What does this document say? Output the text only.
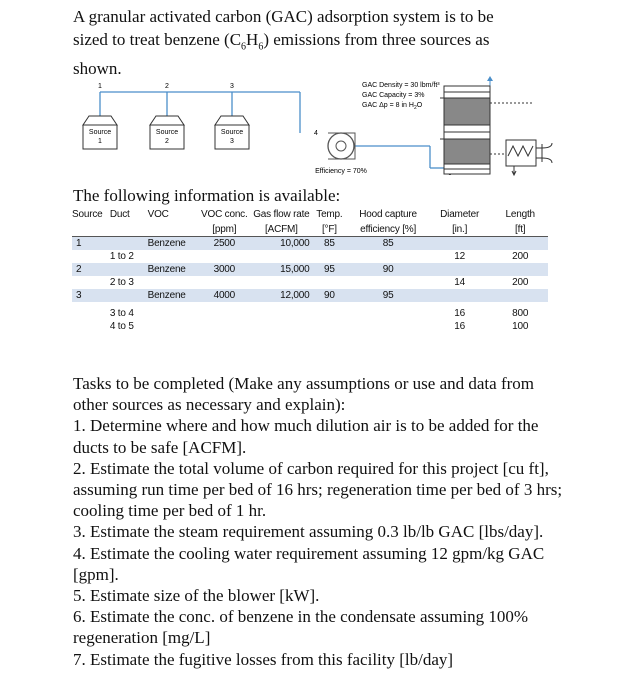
A granular activated carbon (GAC) adsorption system is to be
sized to treat benzene $(C_6H_6)$ emissions from three sources as
shown.
1	2	3
4
Source
1
Source
2
Source
3
Efficiency = 70%
GAC Density = 30 lbm/ft³
GAC Capacity = 3%
GAC Δp = 8 in $H_2O$
The following information is available:
Source	Duct	VOC	VOC conc.	Gas flow rate	Temp.	Hood capture	Diameter	Length
			[ppm]	[ACFM]	[°F]	efficiency [%]	[in.]	[ft]
1		Benzene	2500	10,000	85	85		
	1 to 2						12	200
2		Benzene	3000	15,000	95	90		
	2 to 3						14	200
3		Benzene	4000	12,000	90	95		

	3 to 4						16	800
	4 to 5						16	100

Tasks to be completed (Make any assumptions or use and data from other sources as necessary and explain):

1. Determine where and how much dilution air is to be added for the ducts to be safe [ACFM].

2. Estimate the total volume of carbon required for this project [cu ft], assuming run time per bed of 16 hrs; regeneration time per bed of 3 hrs; cooling time per bed of 1 hr.

3. Estimate the steam requirement assuming 0.3 lb/lb GAC [lbs/day].

4. Estimate the cooling water requirement assuming 12 gpm/kg GAC [gpm].

5. Estimate size of the blower [kW].

6. Estimate the conc. of benzene in the condensate assuming 100% regeneration [mg/L]

7. Estimate the fugitive losses from this facility [lb/day]
